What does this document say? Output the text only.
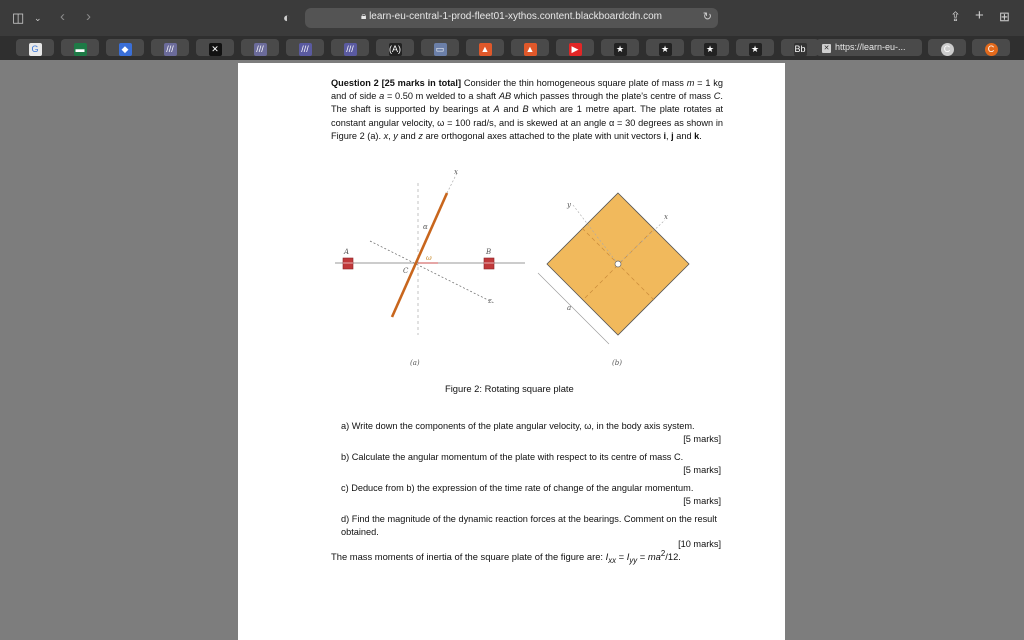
◫ ⌄ ‹ ›	◐	🔒︎ learn-eu-central-1-prod-fleet01-xythos.content.blackboardcdn.com	↻	⇪ + ⊞
✕ https://learn-eu-...
G	▬	◆	///	✕	///	///	///	(A)	▭	▲	▲	▶	★	★	★	★	Bb	C	C
Question 2 [25 marks in total] Consider the thin homogeneous square plate of mass m = 1 kg and of side a = 0.50 m welded to a shaft AB which passes through the plate's centre of mass C. The shaft is supported by bearings at A and B which are 1 metre apart. The plate rotates at constant angular velocity, ω = 100 rad/s, and is skewed at an angle α = 30 degrees as shown in Figure 2 (a). x, y and z are orthogonal axes attached to the plate with unit vectors i, j and k.
x
α
A	B
C
ω
z
(a)
y
x
a
(b)
Figure 2: Rotating square plate
a) Write down the components of the plate angular velocity, ω, in the body axis system.
[5 marks]
b) Calculate the angular momentum of the plate with respect to its centre of mass C.
[5 marks]
c) Deduce from b) the expression of the time rate of change of the angular momentum.
[5 marks]
d) Find the magnitude of the dynamic reaction forces at the bearings. Comment on the result obtained.
[10 marks]
The mass moments of inertia of the square plate of the figure are: $I_{xx} = I_{yy} = ma^2/12$.
